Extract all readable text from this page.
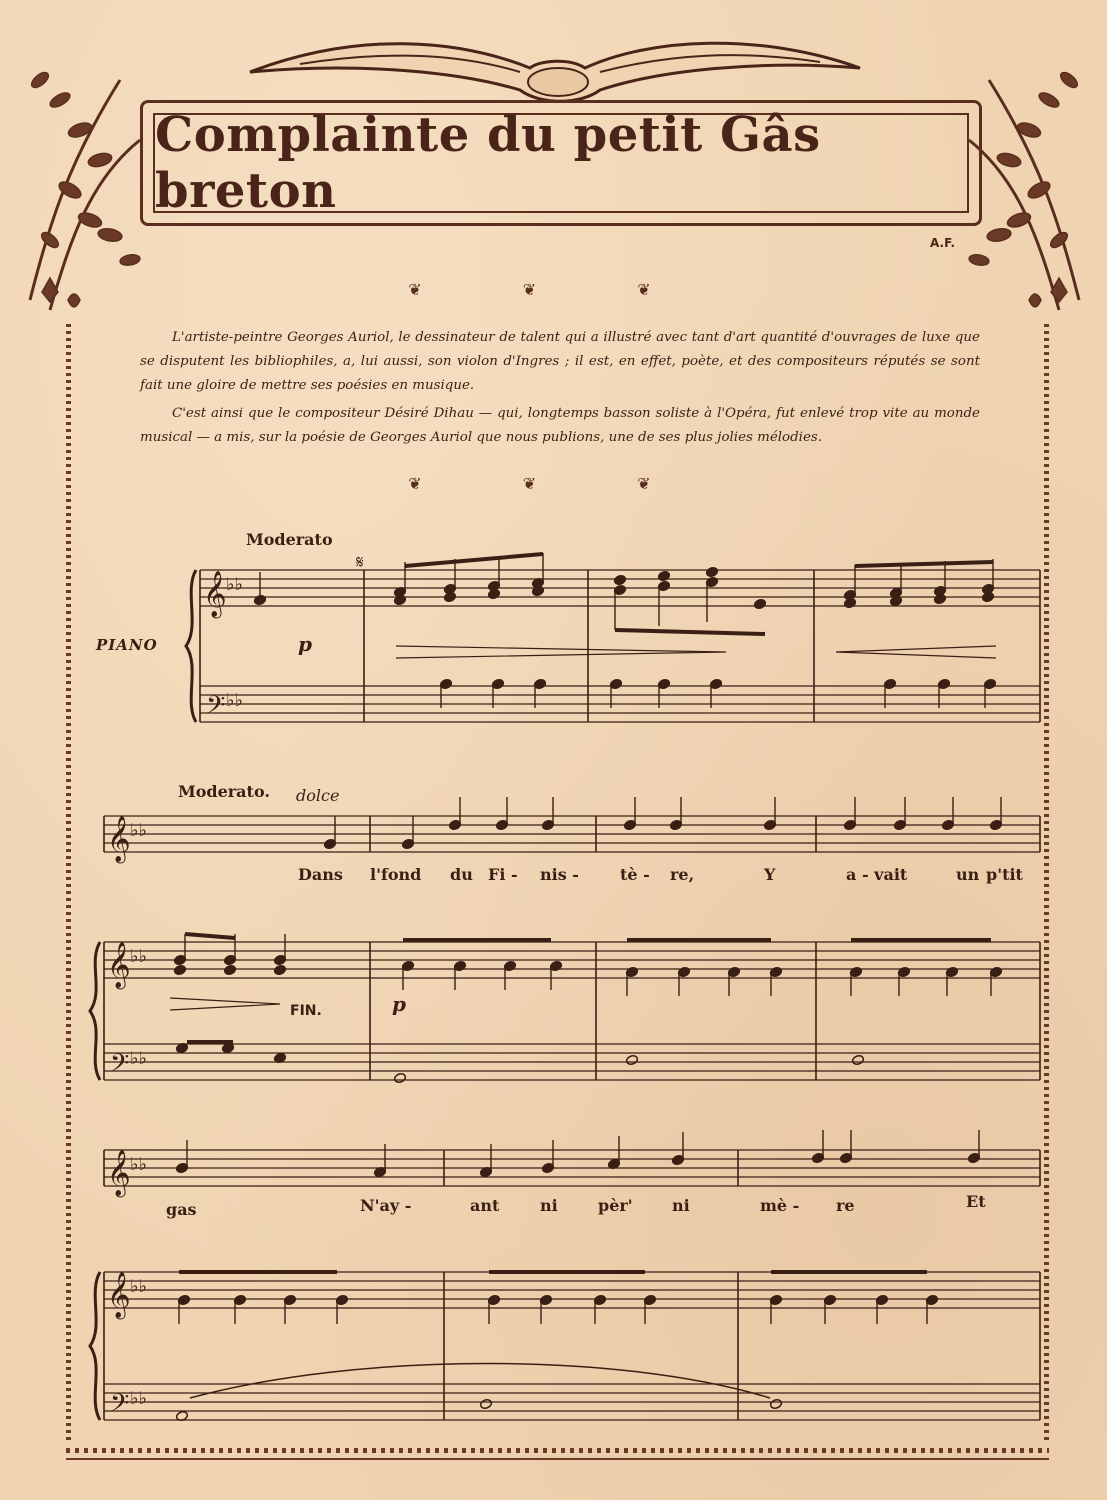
Complainte du petit Gâs breton
A.F.
❦ ❦ ❦

L'artiste-peintre Georges Auriol, le dessinateur de talent qui a illustré avec tant d'art quantité d'ouvrages de luxe que se disputent les bibliophiles, a, lui aussi, son violon d'Ingres ; il est, en effet, poète, et des compositeurs réputés se sont fait une gloire de mettre ses poésies en musique.

C'est ainsi que le compositeur Désiré Dihau — qui, longtemps basson soliste à l'Opéra, fut enlevé trop vite au monde musical — a mis, sur la poésie de Georges Auriol que nous publions, une de ses plus jolies mélodies.

❦ ❦ ❦
Moderato
PIANO	p
Moderato. dolce
FIN.	p
Dans l'fond du Fi - nis -	tè - re,	Y	a - vait	un p'tit
gas	N'ay -	ant	ni	pèr' ni	mè - re	Et
𝄞
𝄢
♭♭
♭♭
𝄋
𝄞 ♭♭
𝄞
𝄢
♭♭
♭♭
𝄞 ♭♭
𝄞
𝄢
♭♭
♭♭
